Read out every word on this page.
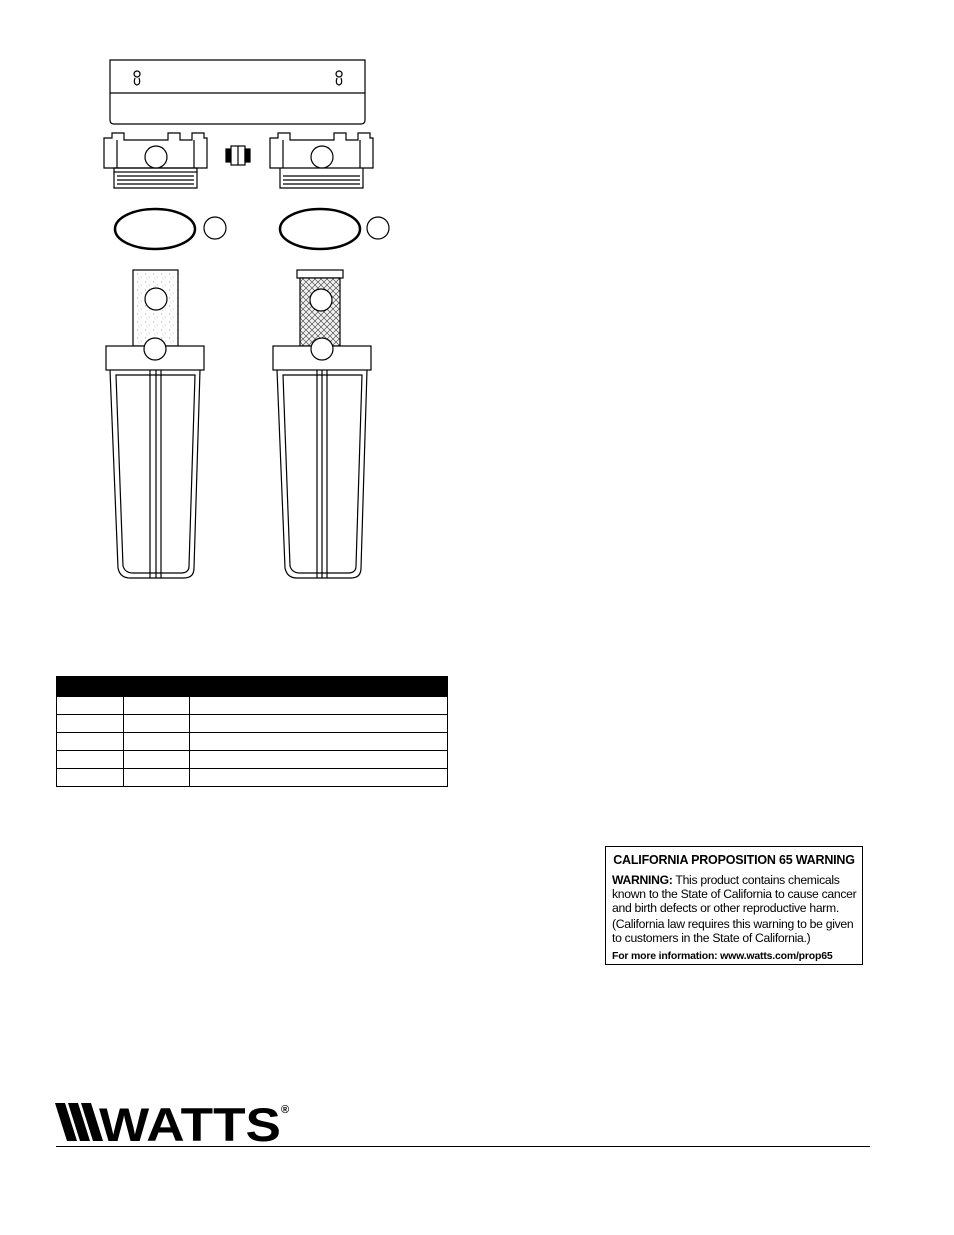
CALIFORNIA PROPOSITION 65 WARNING
WARNING: This product contains chemicals known to the State of California to cause cancer and birth defects or other reproductive harm.
(California law requires this warning to be given to customers in the State of California.)
For more information: www.watts.com/prop65
WATTS ®
